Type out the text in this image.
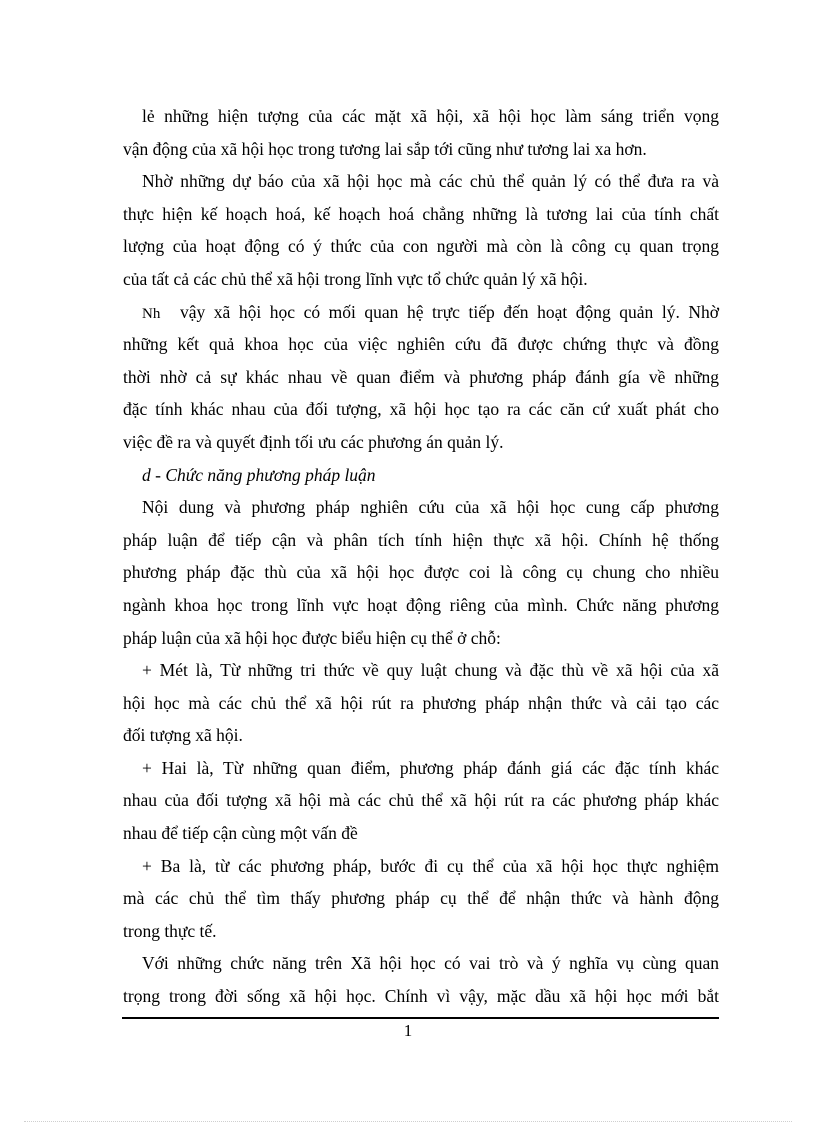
lẻ những hiện tượng của các mặt xã hội, xã hội học làm sáng triển vọng
vận động của xã hội học trong tương lai sắp tới cũng như tương lai xa hơn.
Nhờ những dự báo của xã hội học mà các chủ thể quản lý có thể đưa ra và
thực hiện kế hoạch hoá, kế hoạch hoá chẳng những là tương lai của tính chất
lượng của hoạt động có ý thức của con người mà còn là công cụ quan trọng
của tất cả các chủ thể xã hội trong lĩnh vực tổ chức quản lý xã hội.
Nh vậy xã hội học có mối quan hệ trực tiếp đến hoạt động quản lý. Nhờ
những kết quả khoa học của việc nghiên cứu đã được chứng thực và đồng
thời nhờ cả sự khác nhau về quan điểm và phương pháp đánh gía về những
đặc tính khác nhau của đối tượng, xã hội học tạo ra các căn cứ xuất phát cho
việc đề ra và quyết định tối ưu các phương án quản lý.
d - Chức năng phương pháp luận
Nội dung và phương pháp nghiên cứu của xã hội học cung cấp phương
pháp luận để tiếp cận và phân tích tính hiện thực xã hội. Chính hệ thống
phương pháp đặc thù của xã hội học được coi là công cụ chung cho nhiều
ngành khoa học trong lĩnh vực hoạt động riêng của mình. Chức năng phương
pháp luận của xã hội học được biểu hiện cụ thể ở chỗ:
+ Mét là, Từ những tri thức về quy luật chung và đặc thù về xã hội của xã
hội học mà các chủ thể xã hội rút ra phương pháp nhận thức và cải tạo các
đối tượng xã hội.
+ Hai là, Từ những quan điểm, phương pháp đánh giá các đặc tính khác
nhau của đối tượng xã hội mà các chủ thể xã hội rút ra các phương pháp khác
nhau để tiếp cận cùng một vấn đề
+ Ba là, từ các phương pháp, bước đi cụ thể của xã hội học thực nghiệm
mà các chủ thể tìm thấy phương pháp cụ thể để nhận thức và hành động
trong thực tế.
Với những chức năng trên Xã hội học có vai trò và ý nghĩa vụ cùng quan
trọng trong đời sống xã hội học. Chính vì vậy, mặc dầu xã hội học mới bắt
1
